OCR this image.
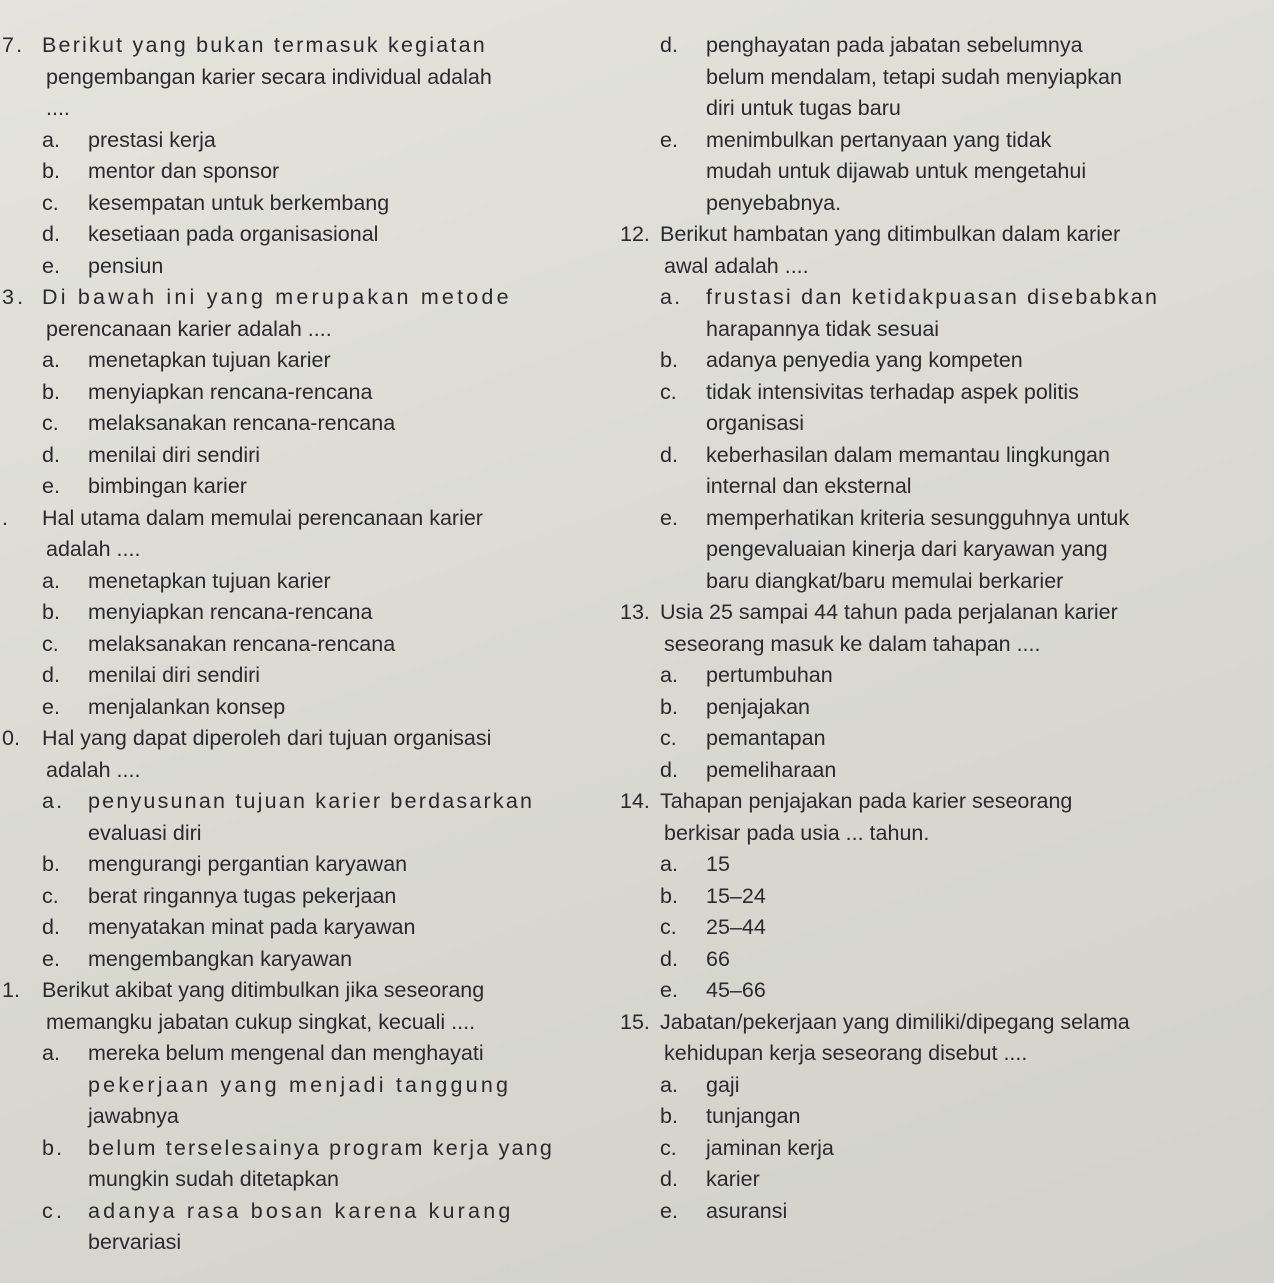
7. Berikut yang bukan termasuk kegiatan
pengembangan karier secara individual adalah
....
a. prestasi kerja
b. mentor dan sponsor
c. kesempatan untuk berkembang
d. kesetiaan pada organisasional
e. pensiun
3. Di bawah ini yang merupakan metode
perencanaan karier adalah ....
a. menetapkan tujuan karier
b. menyiapkan rencana-rencana
c. melaksanakan rencana-rencana
d. menilai diri sendiri
e. bimbingan karier
. Hal utama dalam memulai perencanaan karier
adalah ....
a. menetapkan tujuan karier
b. menyiapkan rencana-rencana
c. melaksanakan rencana-rencana
d. menilai diri sendiri
e. menjalankan konsep
0. Hal yang dapat diperoleh dari tujuan organisasi
adalah ....
a. penyusunan tujuan karier berdasarkan
evaluasi diri
b. mengurangi pergantian karyawan
c. berat ringannya tugas pekerjaan
d. menyatakan minat pada karyawan
e. mengembangkan karyawan
1. Berikut akibat yang ditimbulkan jika seseorang
memangku jabatan cukup singkat, kecuali ....
a. mereka belum mengenal dan menghayati
pekerjaan yang menjadi tanggung
jawabnya
b. belum terselesainya program kerja yang
mungkin sudah ditetapkan
c. adanya rasa bosan karena kurang
bervariasi
d. penghayatan pada jabatan sebelumnya
belum mendalam, tetapi sudah menyiapkan
diri untuk tugas baru
e. menimbulkan pertanyaan yang tidak
mudah untuk dijawab untuk mengetahui
penyebabnya.
12. Berikut hambatan yang ditimbulkan dalam karier
awal adalah ....
a. frustasi dan ketidakpuasan disebabkan
harapannya tidak sesuai
b. adanya penyedia yang kompeten
c. tidak intensivitas terhadap aspek politis
organisasi
d. keberhasilan dalam memantau lingkungan
internal dan eksternal
e. memperhatikan kriteria sesungguhnya untuk
pengevaluaian kinerja dari karyawan yang
baru diangkat/baru memulai berkarier
13. Usia 25 sampai 44 tahun pada perjalanan karier
seseorang masuk ke dalam tahapan ....
a. pertumbuhan
b. penjajakan
c. pemantapan
d. pemeliharaan
14. Tahapan penjajakan pada karier seseorang
berkisar pada usia ... tahun.
a. 15
b. 15–24
c. 25–44
d. 66
e. 45–66
15. Jabatan/pekerjaan yang dimiliki/dipegang selama
kehidupan kerja seseorang disebut ....
a. gaji
b. tunjangan
c. jaminan kerja
d. karier
e. asuransi
